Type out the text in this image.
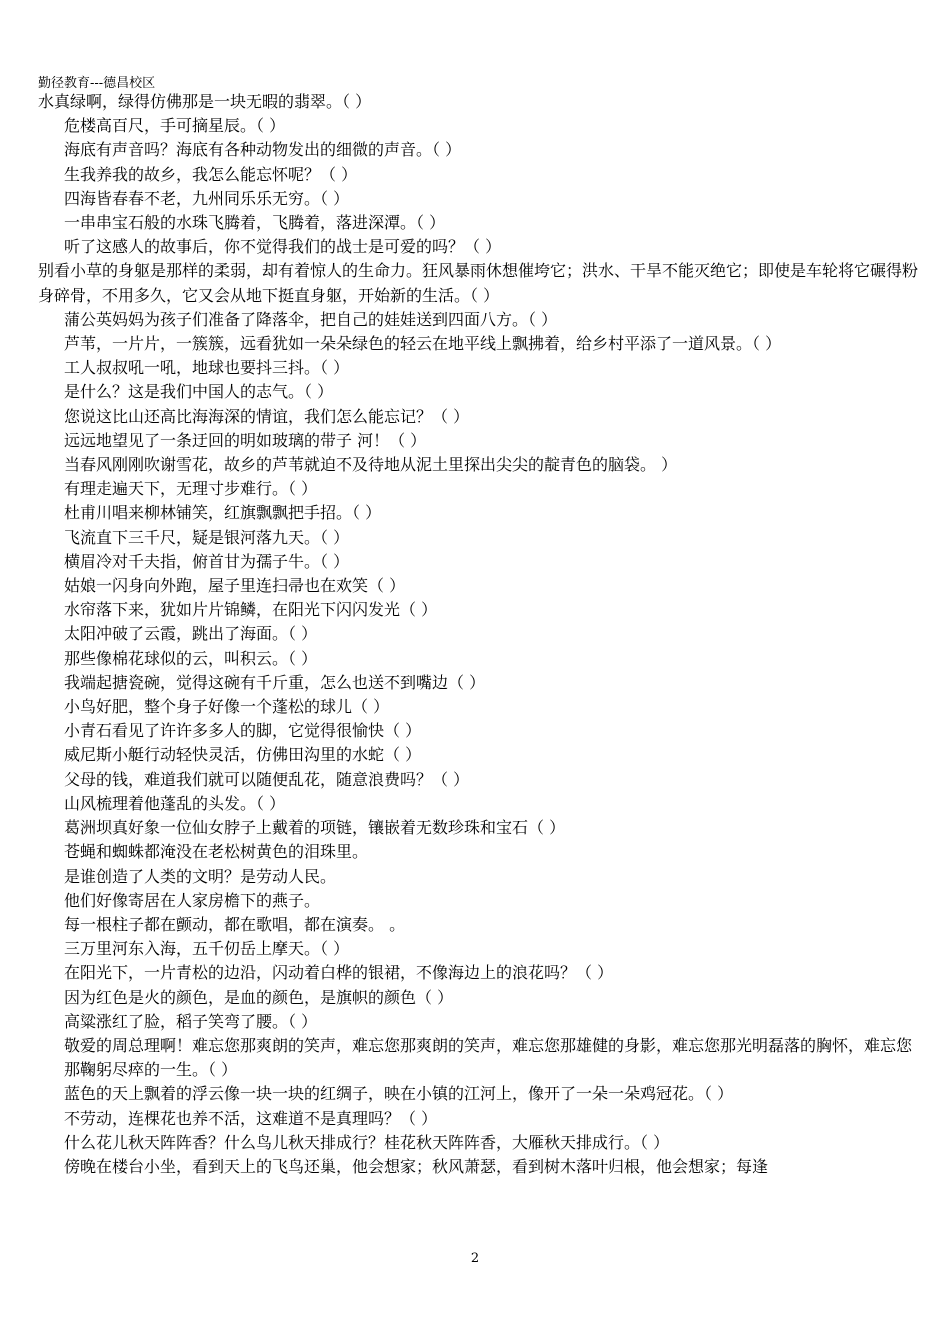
勤径教育---德昌校区
水真绿啊，绿得仿佛那是一块无暇的翡翠。（ ）
危楼高百尺，手可摘星辰。（ ）
海底有声音吗？海底有各种动物发出的细微的声音。（ ）
生我养我的故乡，我怎么能忘怀呢？（ ）
四海皆春春不老，九州同乐乐无穷。（ ）
一串串宝石般的水珠飞腾着，飞腾着，落进深潭。（ ）
听了这感人的故事后，你不觉得我们的战士是可爱的吗？（ ）
别看小草的身躯是那样的柔弱，却有着惊人的生命力。狂风暴雨休想催垮它；洪水、干旱不能灭绝它；即使是车轮将它碾得粉身碎骨，不用多久，它又会从地下挺直身躯，开始新的生活。（ ）
蒲公英妈妈为孩子们准备了降落伞，把自己的娃娃送到四面八方。（ ）
芦苇，一片片，一簇簇，远看犹如一朵朵绿色的轻云在地平线上飘拂着，给乡村平添了一道风景。（ ）
工人叔叔吼一吼，地球也要抖三抖。（ ）
是什么？这是我们中国人的志气。（ ）
您说这比山还高比海海深的情谊，我们怎么能忘记？（ ）
远远地望见了一条迂回的明如玻璃的带子 河！（ ）
当春风刚刚吹谢雪花，故乡的芦苇就迫不及待地从泥土里探出尖尖的靛青色的脑袋。 ）
有理走遍天下，无理寸步难行。（ ）
杜甫川唱来柳林铺笑，红旗飘飘把手招。（ ）
飞流直下三千尺，疑是银河落九天。（ ）
横眉冷对千夫指，俯首甘为孺子牛。（ ）
姑娘一闪身向外跑，屋子里连扫帚也在欢笑（ ）
水帘落下来，犹如片片锦鳞，在阳光下闪闪发光（ ）
太阳冲破了云霞，跳出了海面。（ ）
那些像棉花球似的云，叫积云。（ ）
我端起搪瓷碗，觉得这碗有千斤重，怎么也送不到嘴边（ ）
小鸟好肥，整个身子好像一个蓬松的球儿（ ）
小青石看见了许许多多人的脚，它觉得很愉快（ ）
威尼斯小艇行动轻快灵活，仿佛田沟里的水蛇（ ）
父母的钱，难道我们就可以随便乱花，随意浪费吗？（ ）
山风梳理着他蓬乱的头发。（ ）
葛洲坝真好象一位仙女脖子上戴着的项链，镶嵌着无数珍珠和宝石（ ）
苍蝇和蜘蛛都淹没在老松树黄色的泪珠里。
是谁创造了人类的文明？是劳动人民。
他们好像寄居在人家房檐下的燕子。
每一根柱子都在颤动，都在歌唱，都在演奏。 。
三万里河东入海，五千仞岳上摩天。（ ）
在阳光下，一片青松的边沿，闪动着白桦的银裙，不像海边上的浪花吗？（ ）
因为红色是火的颜色，是血的颜色，是旗帜的颜色（ ）
高粱涨红了脸，稻子笑弯了腰。（ ）
敬爱的周总理啊！难忘您那爽朗的笑声，难忘您那爽朗的笑声，难忘您那雄健的身影，难忘您那光明磊落的胸怀，难忘您那鞠躬尽瘁的一生。（ ）
蓝色的天上飘着的浮云像一块一块的红绸子，映在小镇的江河上，像开了一朵一朵鸡冠花。（ ）
不劳动，连棵花也养不活，这难道不是真理吗？（ ）
什么花儿秋天阵阵香？什么鸟儿秋天排成行？桂花秋天阵阵香，大雁秋天排成行。（ ）
傍晚在楼台小坐，看到天上的飞鸟还巢，他会想家；秋风萧瑟，看到树木落叶归根，他会想家；每逢
2
